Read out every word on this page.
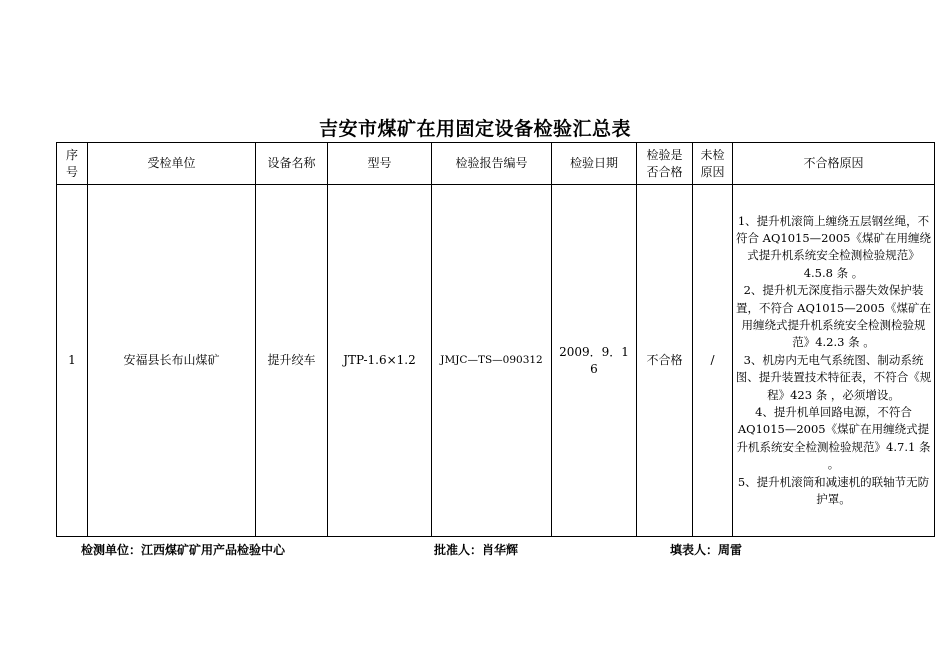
吉安市煤矿在用固定设备检验汇总表
序号	受检单位	设备名称	型号	检验报告编号	检验日期	检验是否合格	未检原因	不合格原因
1	安福县长布山煤矿	提升绞车	JTP-1.6×1.2	JMJC—TS—090312	2009．9．16	不合格	/	1、提升机滚筒上缠绕五层钢丝绳，不符合 AQ1015—2005《煤矿在用缠绕式提升机系统安全检测检验规范》4.5.8 条 。
2、提升机无深度指示器失效保护装置，不符合 AQ1015—2005《煤矿在用缠绕式提升机系统安全检测检验规范》4.2.3 条 。
3、机房内无电气系统图、制动系统图、提升装置技术特征表，不符合《规程》423 条 ，必须增设。
4、提升机单回路电源，不符合AQ1015—2005《煤矿在用缠绕式提升机系统安全检测检验规范》4.7.1 条 。
5、提升机滚筒和减速机的联轴节无防护罩。
检测单位：江西煤矿矿用产品检验中心	批准人：肖华辉	填表人：周雷
